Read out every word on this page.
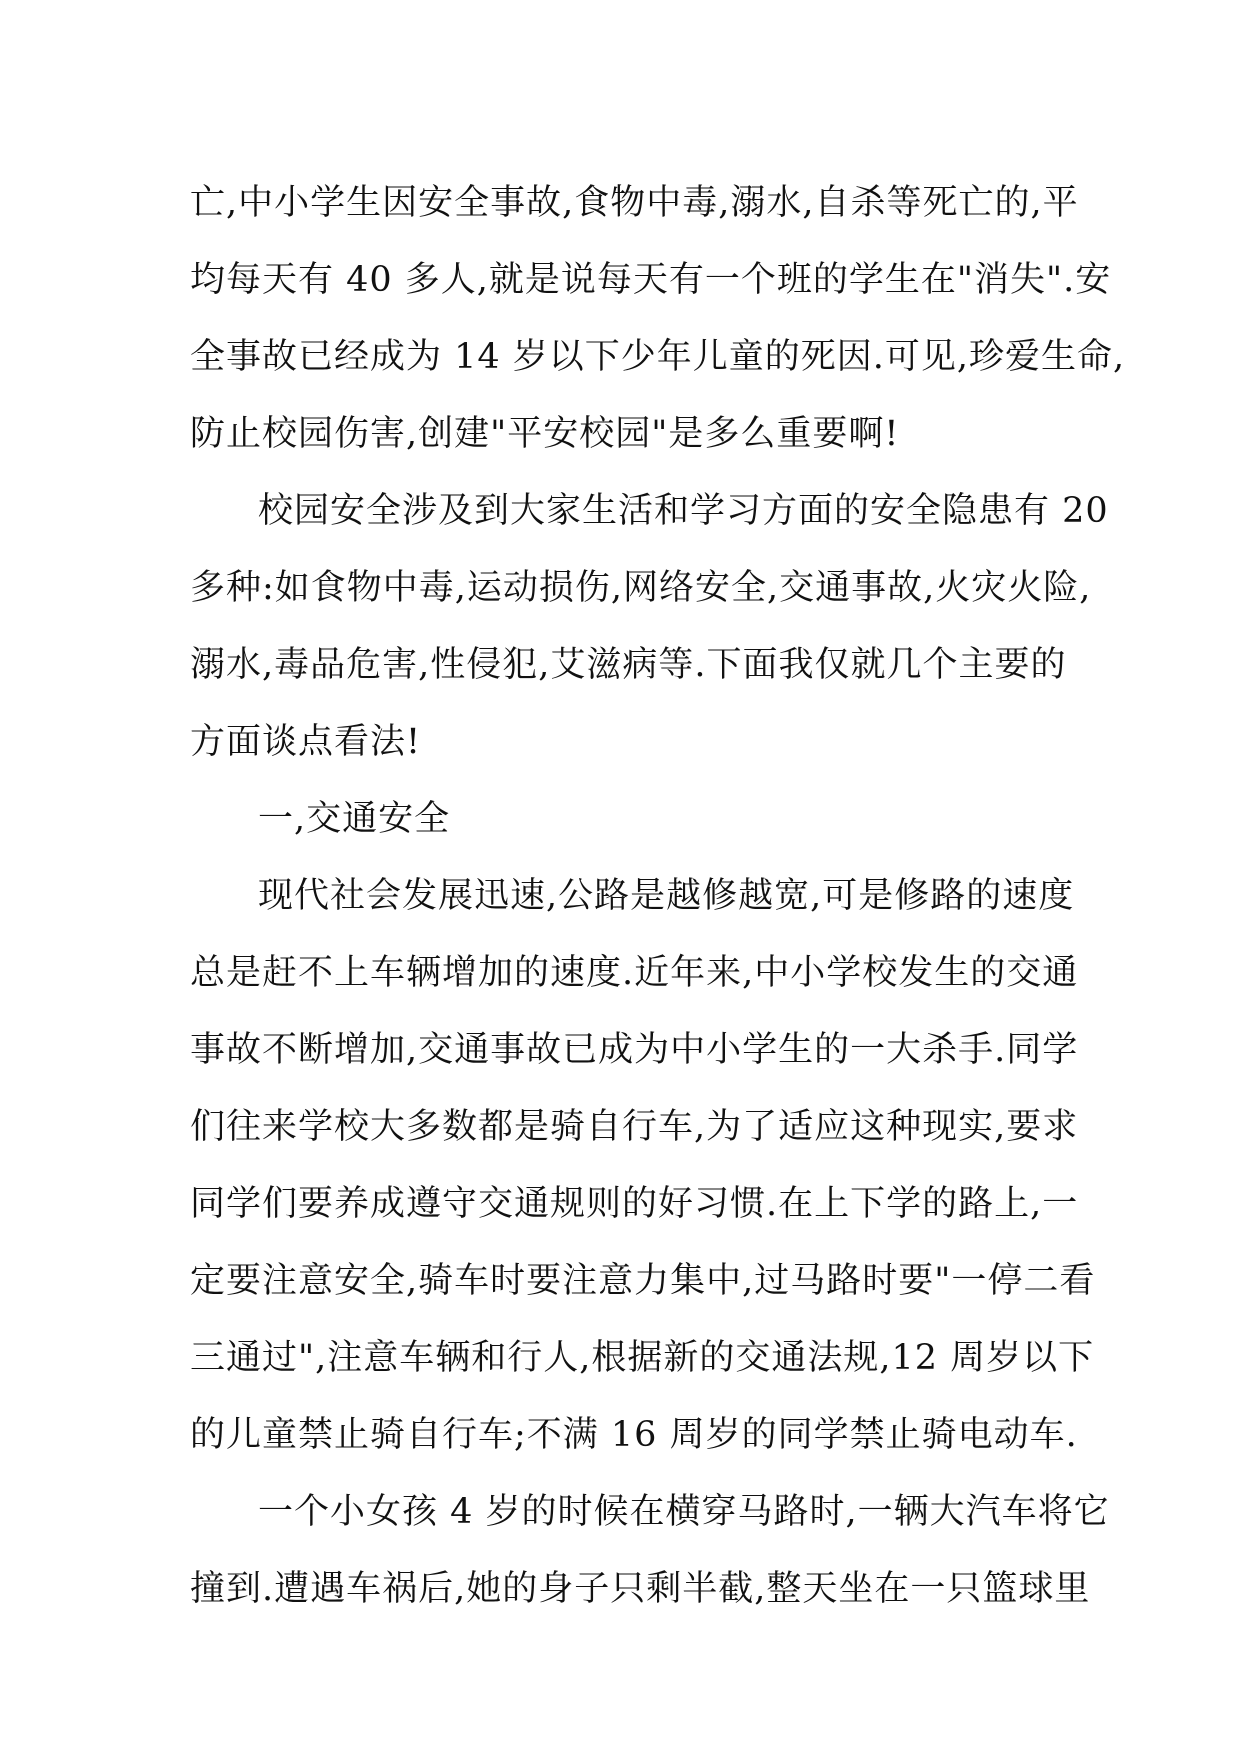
亡,中小学生因安全事故,食物中毒,溺水,自杀等死亡的,平
均每天有 40 多人,就是说每天有一个班的学生在"消失".安
全事故已经成为 14 岁以下少年儿童的死因.可见,珍爱生命,
防止校园伤害,创建"平安校园"是多么重要啊!
校园安全涉及到大家生活和学习方面的安全隐患有 20
多种:如食物中毒,运动损伤,网络安全,交通事故,火灾火险,
溺水,毒品危害,性侵犯,艾滋病等.下面我仅就几个主要的
方面谈点看法!
一,交通安全
现代社会发展迅速,公路是越修越宽,可是修路的速度
总是赶不上车辆增加的速度.近年来,中小学校发生的交通
事故不断增加,交通事故已成为中小学生的一大杀手.同学
们往来学校大多数都是骑自行车,为了适应这种现实,要求
同学们要养成遵守交通规则的好习惯.在上下学的路上,一
定要注意安全,骑车时要注意力集中,过马路时要"一停二看
三通过",注意车辆和行人,根据新的交通法规,12 周岁以下
的儿童禁止骑自行车;不满 16 周岁的同学禁止骑电动车.
一个小女孩 4 岁的时候在横穿马路时,一辆大汽车将它
撞到.遭遇车祸后,她的身子只剩半截,整天坐在一只篮球里
